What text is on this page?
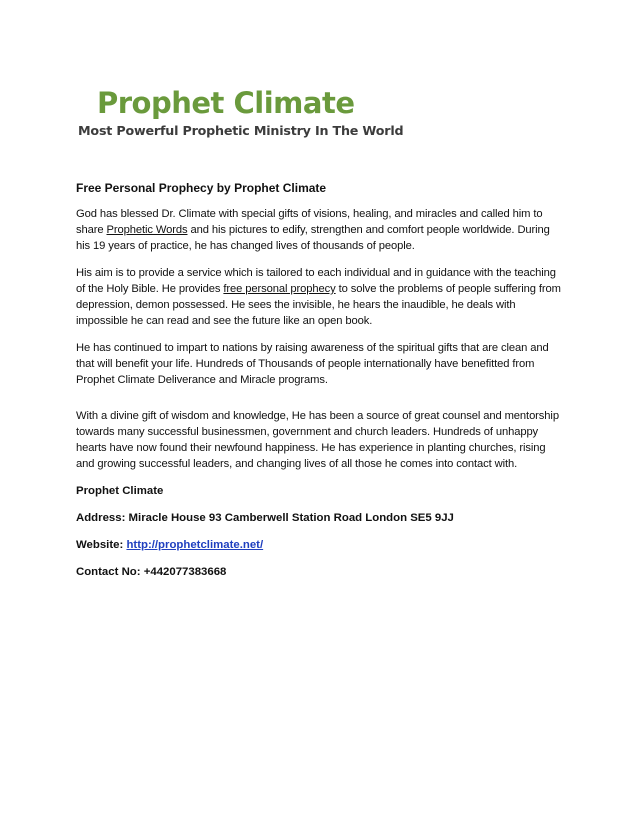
Prophet Climate
Most Powerful Prophetic Ministry In The World
Free Personal Prophecy by Prophet Climate

God has blessed Dr. Climate with special gifts of visions, healing, and miracles and called him to share Prophetic Words and his pictures to edify, strengthen and comfort people worldwide. During his 19 years of practice, he has changed lives of thousands of people.

His aim is to provide a service which is tailored to each individual and in guidance with the teaching of the Holy Bible. He provides free personal prophecy to solve the problems of people suffering from depression, demon possessed. He sees the invisible, he hears the inaudible, he deals with impossible he can read and see the future like an open book.

He has continued to impart to nations by raising awareness of the spiritual gifts that are clean and that will benefit your life. Hundreds of Thousands of people internationally have benefitted from Prophet Climate Deliverance and Miracle programs.

With a divine gift of wisdom and knowledge, He has been a source of great counsel and mentorship towards many successful businessmen, government and church leaders. Hundreds of unhappy hearts have now found their newfound happiness. He has experience in planting churches, rising and growing successful leaders, and changing lives of all those he comes into contact with.

Prophet Climate
Address: Miracle House 93 Camberwell Station Road London SE5 9JJ
Website: http://prophetclimate.net/
Contact No: +442077383668
